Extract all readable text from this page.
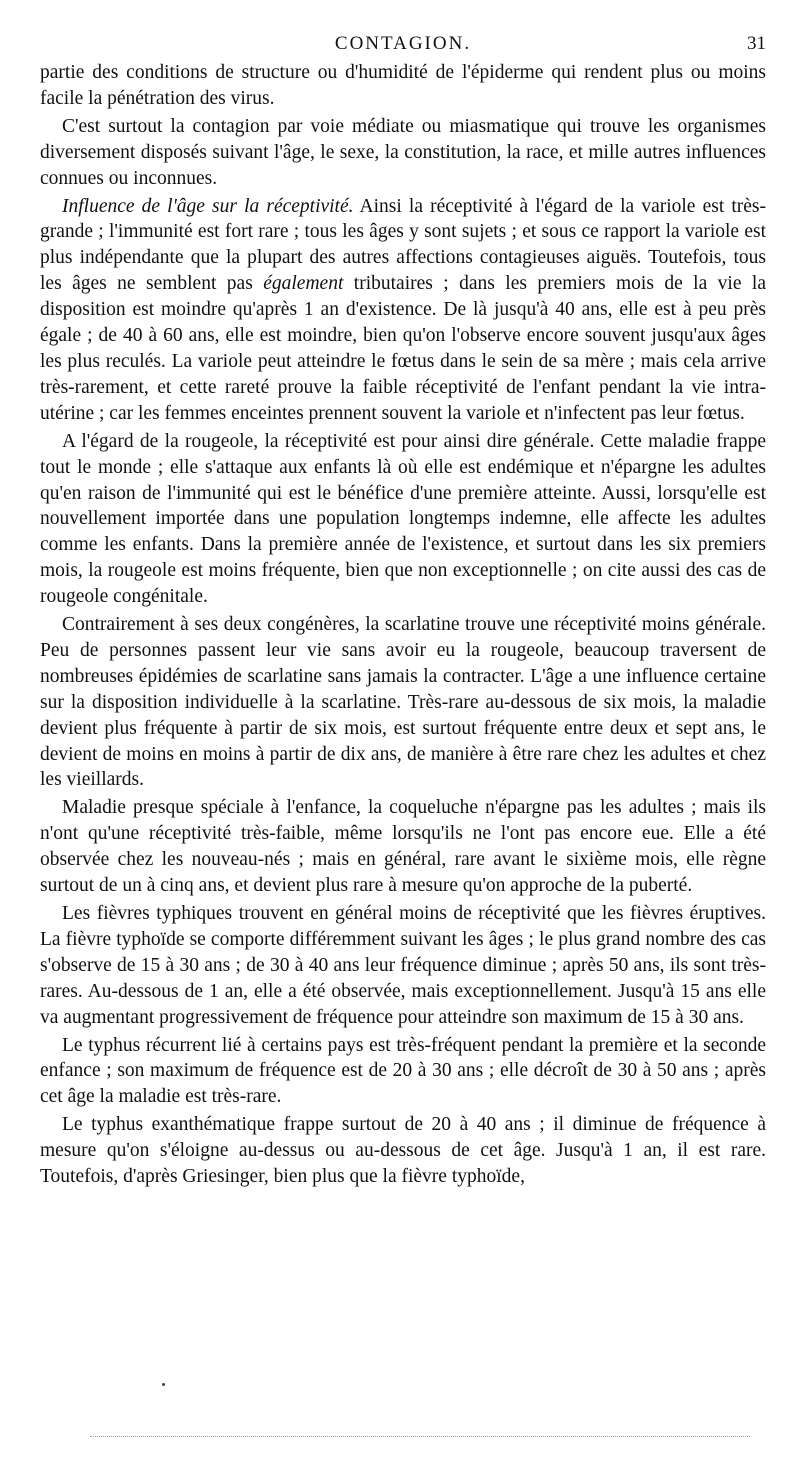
CONTAGION.	31

partie des conditions de structure ou d'humidité de l'épiderme qui rendent plus ou moins facile la pénétration des virus.

C'est surtout la contagion par voie médiate ou miasmatique qui trouve les organismes diversement disposés suivant l'âge, le sexe, la constitution, la race, et mille autres influences connues ou inconnues.

Influence de l'âge sur la réceptivité. Ainsi la réceptivité à l'égard de la variole est très-grande ; l'immunité est fort rare ; tous les âges y sont sujets ; et sous ce rapport la variole est plus indépendante que la plupart des autres affections contagieuses aiguës. Toutefois, tous les âges ne semblent pas également tributaires ; dans les premiers mois de la vie la disposition est moindre qu'après 1 an d'existence. De là jusqu'à 40 ans, elle est à peu près égale ; de 40 à 60 ans, elle est moindre, bien qu'on l'observe encore souvent jusqu'aux âges les plus reculés. La variole peut atteindre le fœtus dans le sein de sa mère ; mais cela arrive très-rarement, et cette rareté prouve la faible réceptivité de l'enfant pendant la vie intra-utérine ; car les femmes enceintes prennent souvent la variole et n'infectent pas leur fœtus.

A l'égard de la rougeole, la réceptivité est pour ainsi dire générale. Cette maladie frappe tout le monde ; elle s'attaque aux enfants là où elle est endémique et n'épargne les adultes qu'en raison de l'immunité qui est le bénéfice d'une première atteinte. Aussi, lorsqu'elle est nouvellement importée dans une population longtemps indemne, elle affecte les adultes comme les enfants. Dans la première année de l'existence, et surtout dans les six premiers mois, la rougeole est moins fréquente, bien que non exceptionnelle ; on cite aussi des cas de rougeole congénitale.

Contrairement à ses deux congénères, la scarlatine trouve une réceptivité moins générale. Peu de personnes passent leur vie sans avoir eu la rougeole, beaucoup traversent de nombreuses épidémies de scarlatine sans jamais la contracter. L'âge a une influence certaine sur la disposition individuelle à la scarlatine. Très-rare au-dessous de six mois, la maladie devient plus fréquente à partir de six mois, est surtout fréquente entre deux et sept ans, le devient de moins en moins à partir de dix ans, de manière à être rare chez les adultes et chez les vieillards.

Maladie presque spéciale à l'enfance, la coqueluche n'épargne pas les adultes ; mais ils n'ont qu'une réceptivité très-faible, même lorsqu'ils ne l'ont pas encore eue. Elle a été observée chez les nouveau-nés ; mais en général, rare avant le sixième mois, elle règne surtout de un à cinq ans, et devient plus rare à mesure qu'on approche de la puberté.

Les fièvres typhiques trouvent en général moins de réceptivité que les fièvres éruptives. La fièvre typhoïde se comporte différemment suivant les âges ; le plus grand nombre des cas s'observe de 15 à 30 ans ; de 30 à 40 ans leur fréquence diminue ; après 50 ans, ils sont très-rares. Au-dessous de 1 an, elle a été observée, mais exceptionnellement. Jusqu'à 15 ans elle va augmentant progressivement de fréquence pour atteindre son maximum de 15 à 30 ans.

Le typhus récurrent lié à certains pays est très-fréquent pendant la première et la seconde enfance ; son maximum de fréquence est de 20 à 30 ans ; elle décroît de 30 à 50 ans ; après cet âge la maladie est très-rare.

Le typhus exanthématique frappe surtout de 20 à 40 ans ; il diminue de fréquence à mesure qu'on s'éloigne au-dessus ou au-dessous de cet âge. Jusqu'à 1 an, il est rare. Toutefois, d'après Griesinger, bien plus que la fièvre typhoïde,
